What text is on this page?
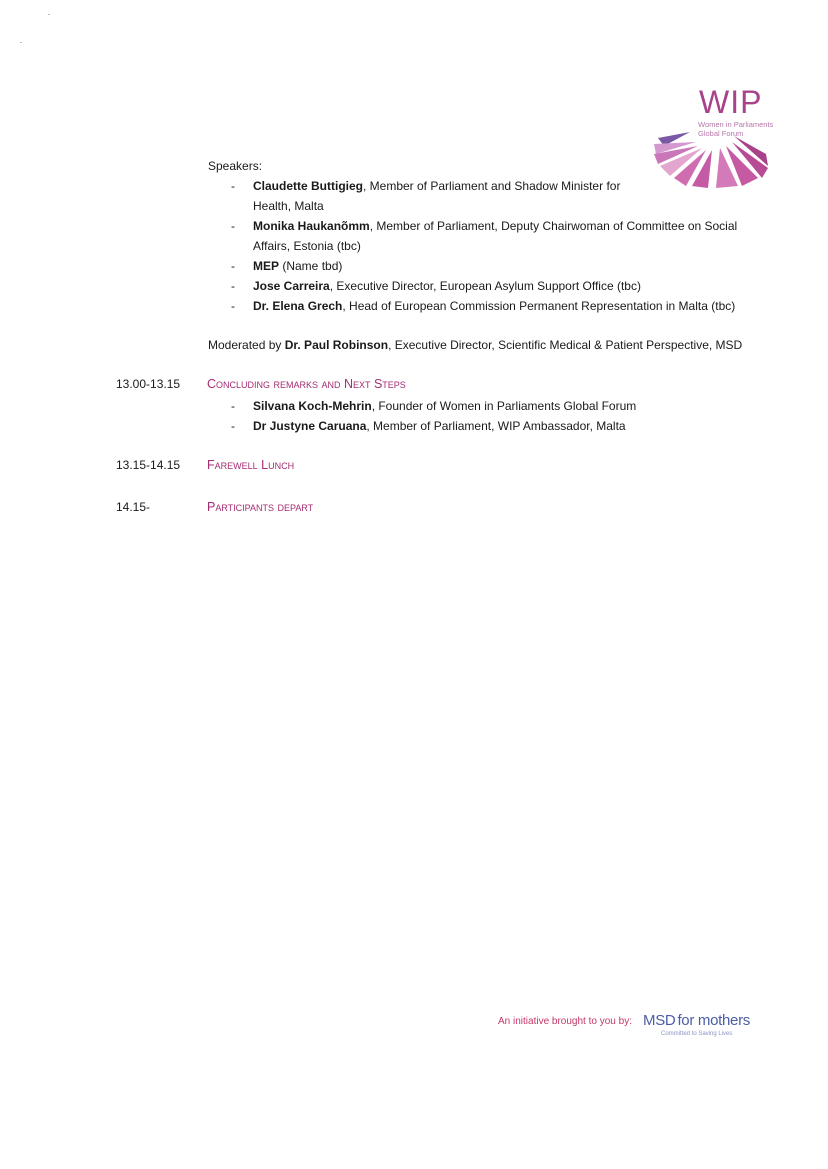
WIP
Women in Parliaments
Global Forum
Speakers:
- Claudette Buttigieg, Member of Parliament and Shadow Minister for
Health, Malta
- Monika Haukanõmm, Member of Parliament, Deputy Chairwoman of Committee on Social
Affairs, Estonia (tbc)
- MEP (Name tbd)
- Jose Carreira, Executive Director, European Asylum Support Office (tbc)
- Dr. Elena Grech, Head of European Commission Permanent Representation in Malta (tbc)
Moderated by Dr. Paul Robinson, Executive Director, Scientific Medical & Patient Perspective, MSD
13.00-13.15 Concluding remarks and Next Steps
- Silvana Koch-Mehrin, Founder of Women in Parliaments Global Forum
- Dr Justyne Caruana, Member of Parliament, WIP Ambassador, Malta
13.15-14.15 Farewell Lunch
14.15-	Participants depart
An initiative brought to you by: MSD for mothers
Committed to Saving Lives
